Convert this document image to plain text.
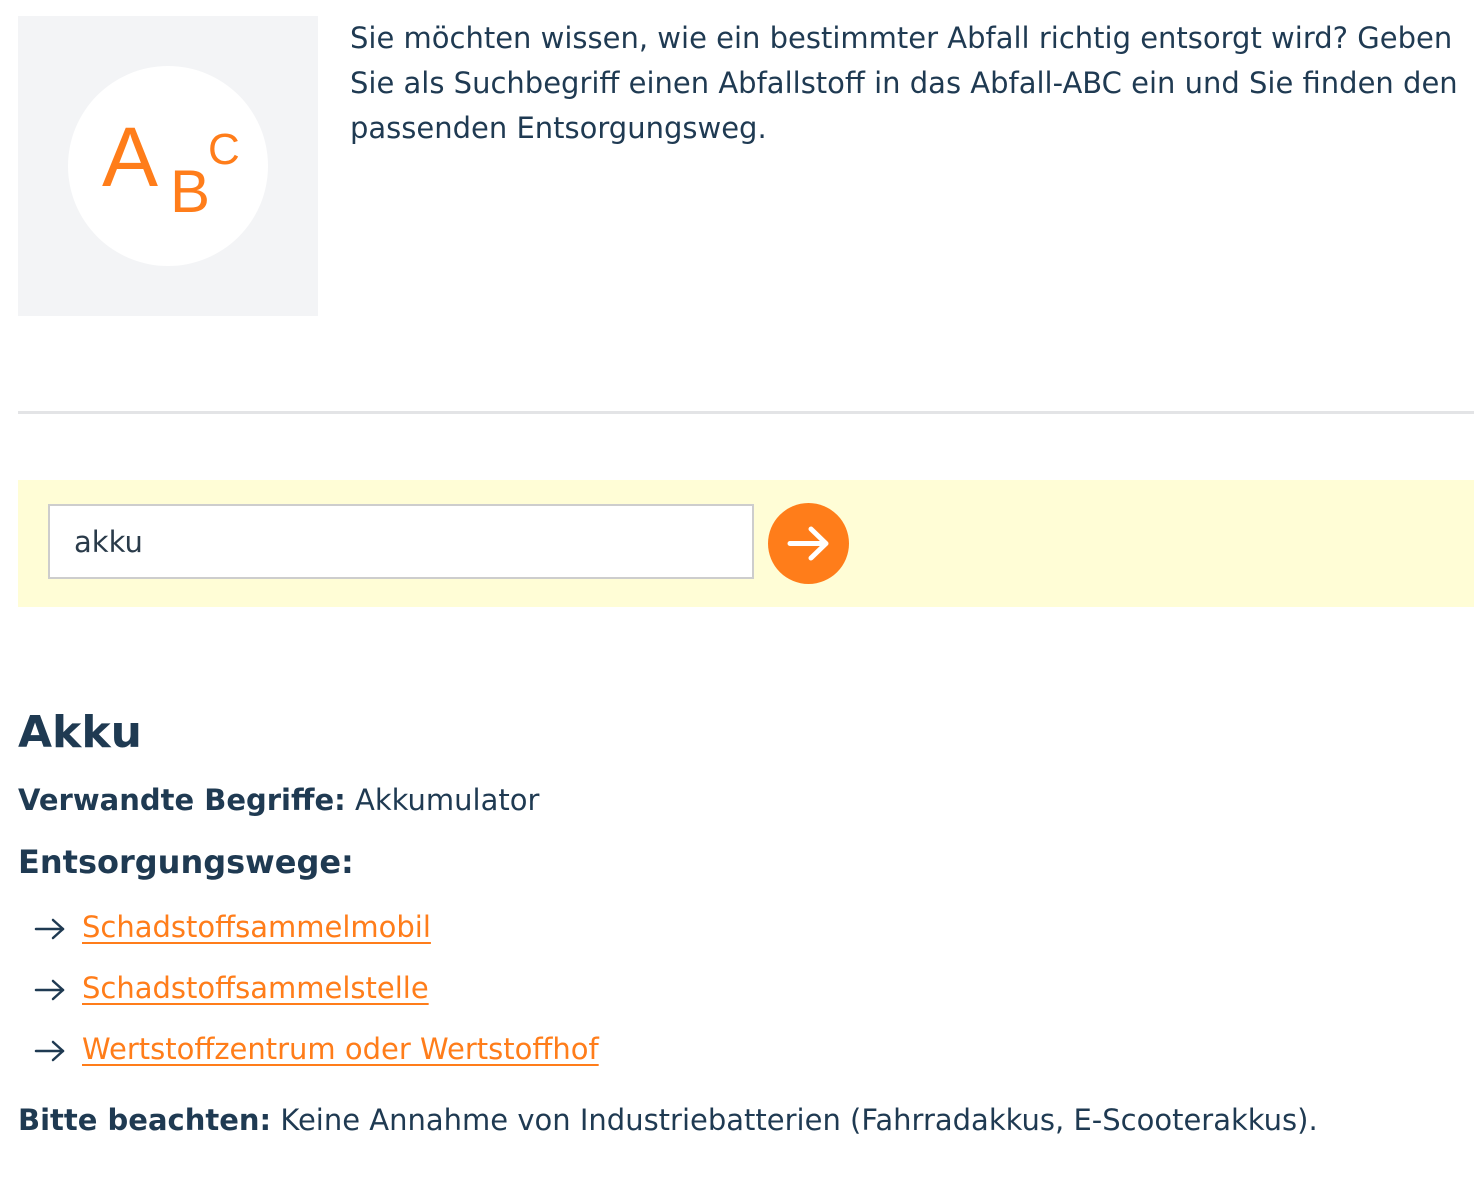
A B
C

Sie möchten wissen, wie ein bestimmter Abfall richtig entsorgt wird? Geben Sie als Suchbegriff einen Abfallstoff in das Abfall-ABC ein und Sie finden den passenden Entsorgungsweg.

akku
Akku

Verwandte Begriffe: Akkumulator

Entsorgungswege:
Schadstoffsammelmobil
Schadstoffsammelstelle
Wertstoffzentrum oder Wertstoffhof

Bitte beachten: Keine Annahme von Industriebatterien (Fahrradakkus, E-Scooterakkus).
